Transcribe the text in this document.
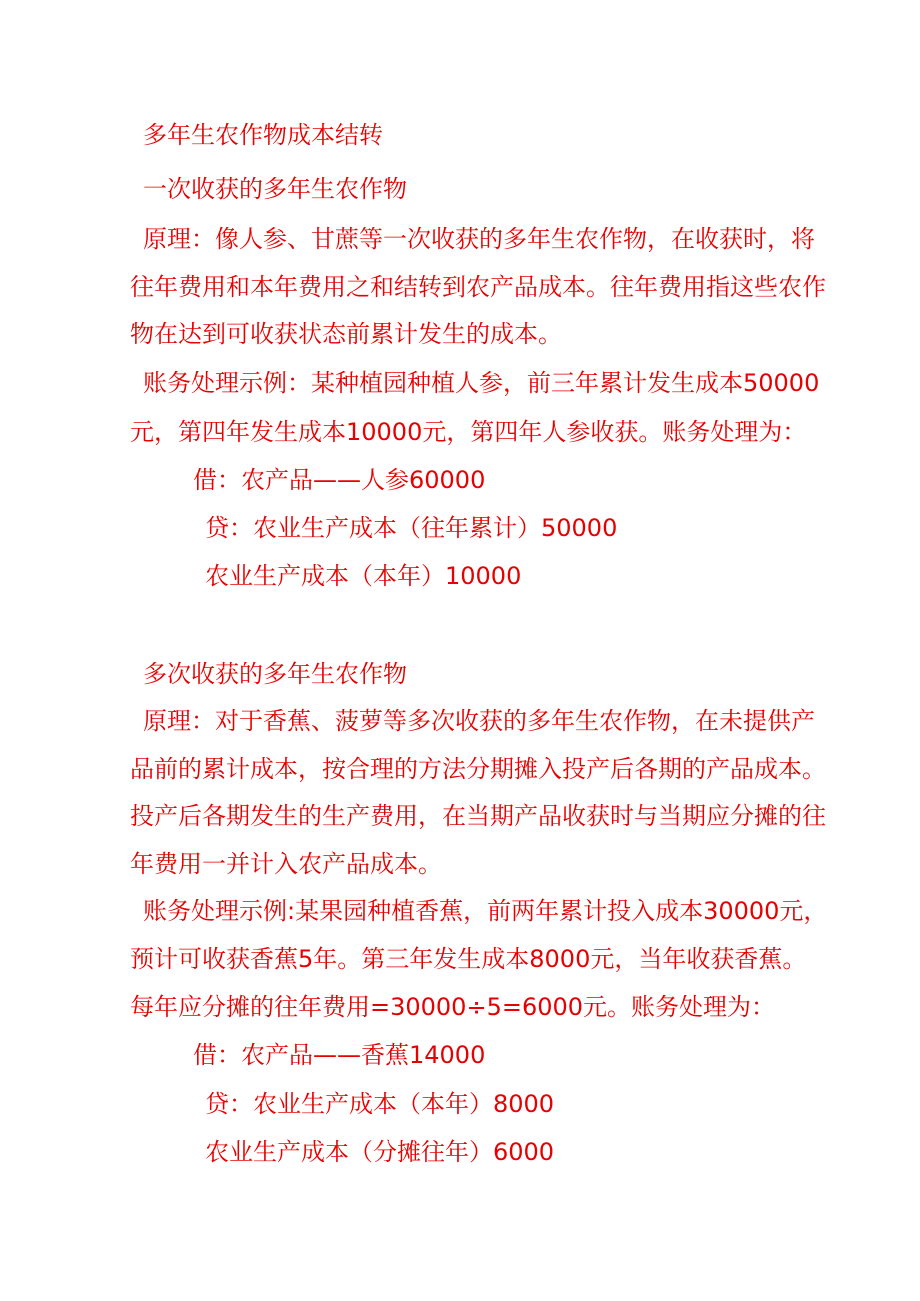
多年生农作物成本结转
一次收获的多年生农作物
原理：像人参、甘蔗等一次收获的多年生农作物，在收获时，将
往年费用和本年费用之和结转到农产品成本。往年费用指这些农作
物在达到可收获状态前累计发生的成本。
账务处理示例：某种植园种植人参，前三年累计发生成本50000
元，第四年发生成本10000元，第四年人参收获。账务处理为：
借：农产品——人参60000
贷：农业生产成本（往年累计）50000
农业生产成本（本年）10000
多次收获的多年生农作物
原理：对于香蕉、菠萝等多次收获的多年生农作物，在未提供产
品前的累计成本，按合理的方法分期摊入投产后各期的产品成本。
投产后各期发生的生产费用，在当期产品收获时与当期应分摊的往
年费用一并计入农产品成本。
账务处理示例:某果园种植香蕉，前两年累计投入成本30000元，
预计可收获香蕉5年。第三年发生成本8000元，当年收获香蕉。
每年应分摊的往年费用=30000÷5=6000元。账务处理为：
借：农产品——香蕉14000
贷：农业生产成本（本年）8000
农业生产成本（分摊往年）6000
